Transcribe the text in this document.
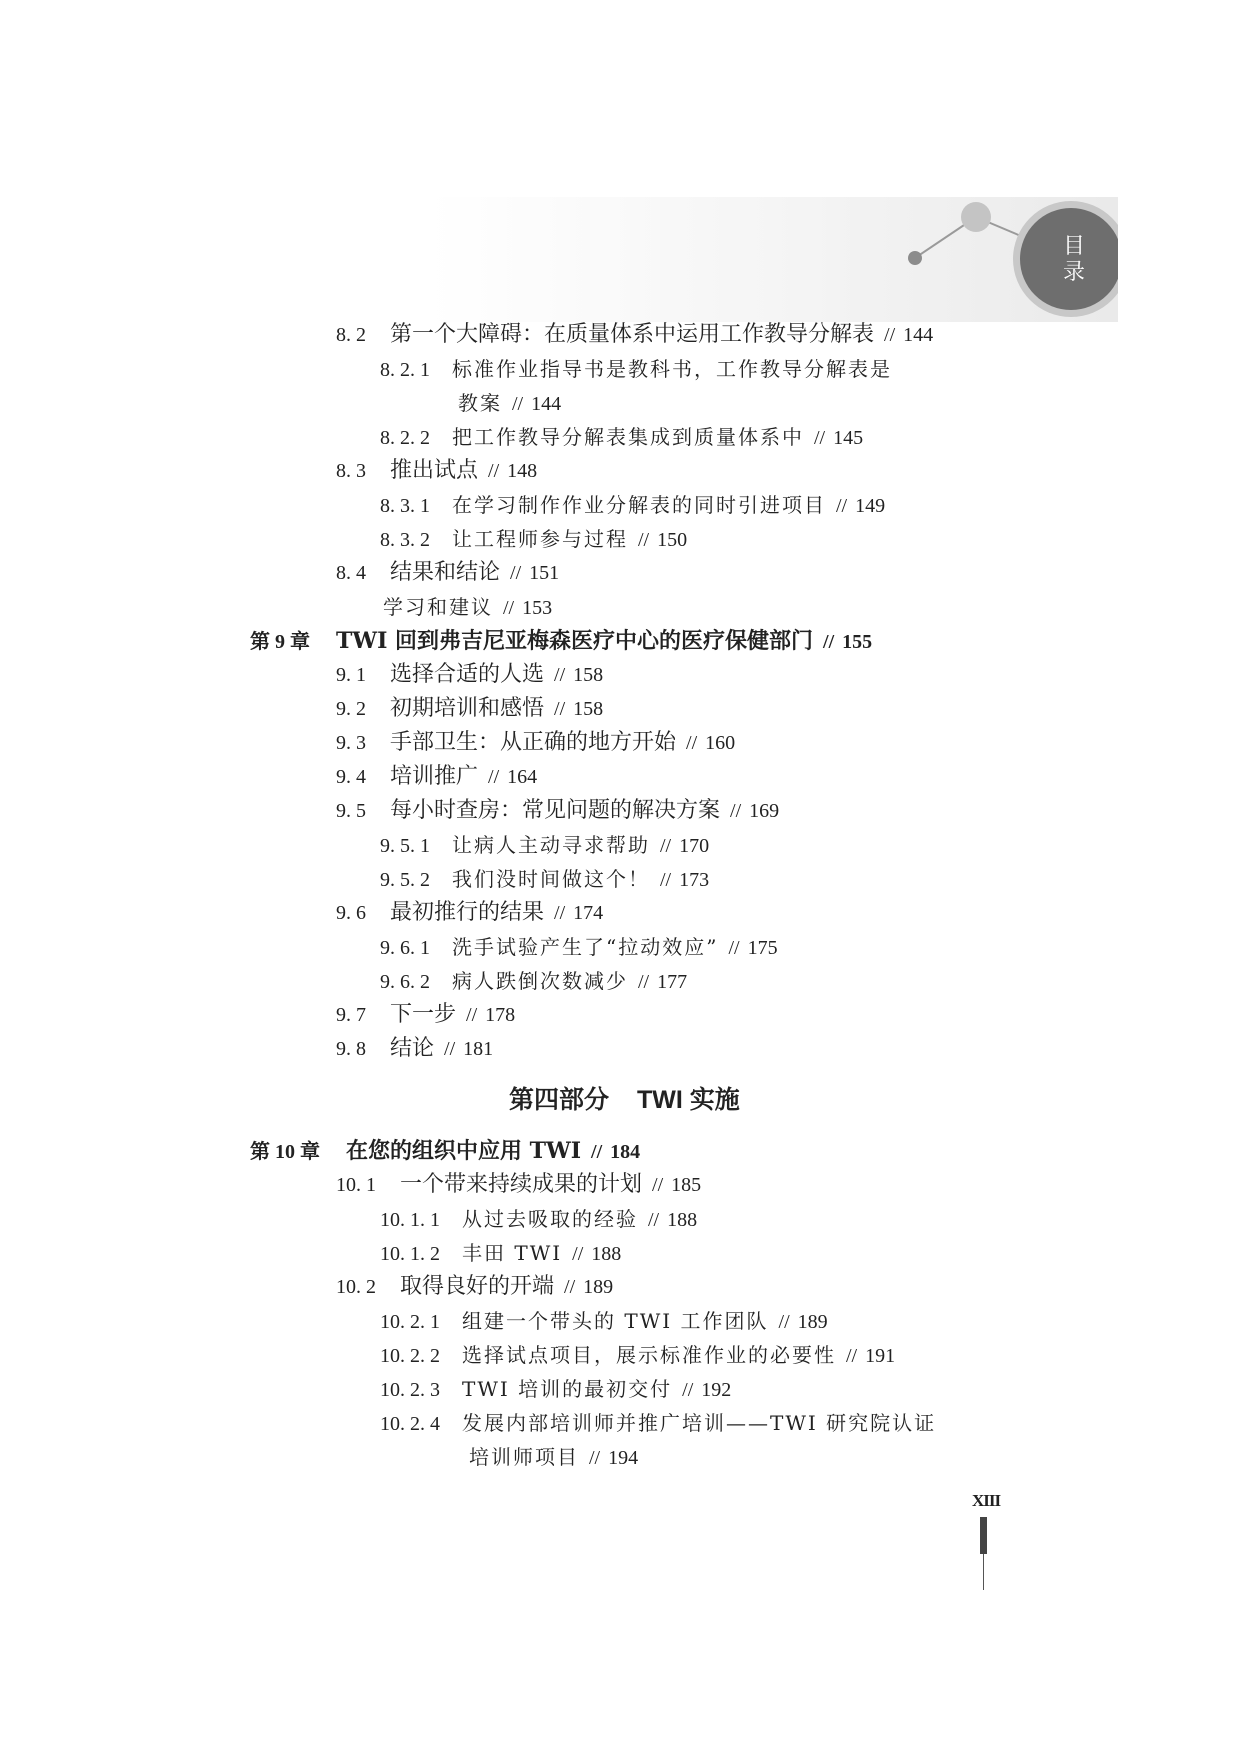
目
录
8. 2 第一个大障碍：在质量体系中运用工作教导分解表 // 144
8. 2. 1 标准作业指导书是教科书，工作教导分解表是
教案 // 144
8. 2. 2 把工作教导分解表集成到质量体系中 // 145
8. 3 推出试点 // 148
8. 3. 1 在学习制作作业分解表的同时引进项目 // 149
8. 3. 2 让工程师参与过程 // 150
8. 4 结果和结论 // 151
学习和建议 // 153
第 9 章 TWI 回到弗吉尼亚梅森医疗中心的医疗保健部门 // 155
9. 1 选择合适的人选 // 158
9. 2 初期培训和感悟 // 158
9. 3 手部卫生：从正确的地方开始 // 160
9. 4 培训推广 // 164
9. 5 每小时查房：常见问题的解决方案 // 169
9. 5. 1 让病人主动寻求帮助 // 170
9. 5. 2 我们没时间做这个！ // 173
9. 6 最初推行的结果 // 174
9. 6. 1 洗手试验产生了“拉动效应” // 175
9. 6. 2 病人跌倒次数减少 // 177
9. 7 下一步 // 178
9. 8 结论 // 181
第四部分 TWI 实施
第 10 章 在您的组织中应用 TWI // 184
10. 1 一个带来持续成果的计划 // 185
10. 1. 1 从过去吸取的经验 // 188
10. 1. 2 丰田 TWI // 188
10. 2 取得良好的开端 // 189
10. 2. 1 组建一个带头的 TWI 工作团队 // 189
10. 2. 2 选择试点项目，展示标准作业的必要性 // 191
10. 2. 3 TWI 培训的最初交付 // 192
10. 2. 4 发展内部培训师并推广培训——TWI 研究院认证
培训师项目 // 194
XIII
